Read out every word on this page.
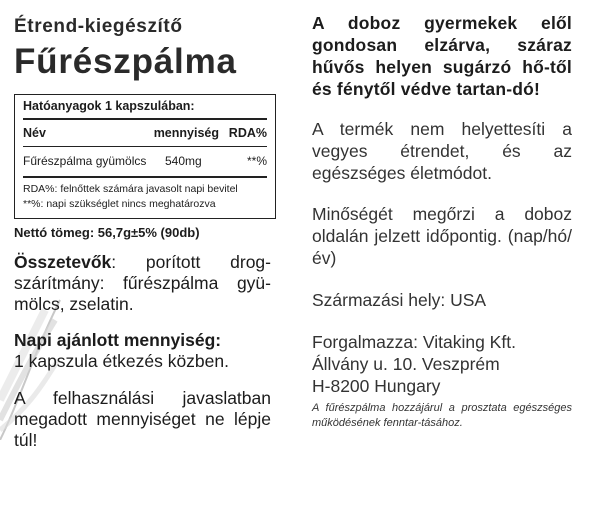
Étrend-kiegészítő
Fűrészpálma
Hatóanyagok 1 kapszulában:
Név	mennyiség RDA%
Fűrészpálma gyümölcs	540mg	**%
RDA%: felnőttek számára javasolt napi bevitel
**%: napi szükséglet nincs meghatározva
Nettó tömeg: 56,7g±5% (90db)

Összetevők: porított drog-szárítmány: fűrészpálma gyü-mölcs, zselatin.

Napi ajánlott mennyiség:
1 kapszula étkezés közben.

A felhasználási javaslatban megadott mennyiséget ne lépje túl!

A doboz gyermekek elől gondosan elzárva, száraz hűvős helyen sugárzó hő-től és fénytől védve tartan-dó!

A termék nem helyettesíti a vegyes étrendet, és az egészséges életmódot.

Minőségét megőrzi a doboz oldalán jelzett időpontig. (nap/hó/év)

Származási hely: USA

Forgalmazza: Vitaking Kft.
Állvány u. 10. Veszprém
H-8200 Hungary

A fűrészpálma hozzájárul a prosztata egészséges működésének fenntar-tásához.
